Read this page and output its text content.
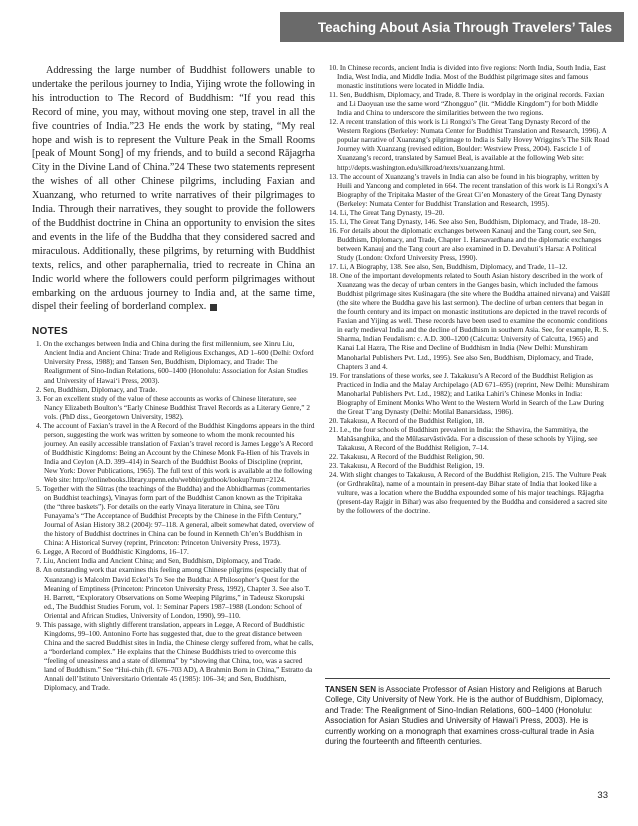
Teaching About Asia Through Travelers’ Tales

Addressing the large number of Buddhist followers unable to undertake the perilous journey to India, Yijing wrote the following in his introduction to The Record of Buddhism: “If you read this Record of mine, you may, without moving one step, travel in all the five countries of India.”23 He ends the work by stating, “My real hope and wish is to represent the Vulture Peak in the Small Rooms [peak of Mount Song] of my friends, and to build a second Rājagrha City in the Divine Land of China.”24 These two statements represent the wishes of all other Chinese pilgrims, including Faxian and Xuanzang, who returned to write narratives of their pilgrimages to India. Through their narratives, they sought to provide the followers of the Buddhist doctrine in China an opportunity to envision the sites and events in the life of the Buddha that they considered sacred and miraculous. Additionally, these pilgrims, by returning with Buddhist texts, relics, and other paraphernalia, tried to recreate in China an Indic world where the followers could perform pilgrimages without embarking on the arduous journey to India and, at the same time, dispel their feeling of borderland complex.

NOTES
1. On the exchanges between India and China during the first millennium, see Xinru Liu, Ancient India and Ancient China: Trade and Religious Exchanges, AD 1–600 (Delhi: Oxford University Press, 1988); and Tansen Sen, Buddhism, Diplomacy, and Trade: The Realignment of Sino-Indian Relations, 600–1400 (Honolulu: Association for Asian Studies and University of Hawai‘i Press, 2003).
2. Sen, Buddhism, Diplomacy, and Trade.
3. For an excellent study of the value of these accounts as works of Chinese literature, see Nancy Elizabeth Boulton’s “Early Chinese Buddhist Travel Records as a Literary Genre,” 2 vols. (PhD diss., Georgetown University, 1982).
4. The account of Faxian’s travel in the A Record of the Buddhist Kingdoms appears in the third person, suggesting the work was written by someone to whom the monk recounted his journey. An easily accessible translation of Faxian’s travel record is James Legge’s A Record of Buddhistic Kingdoms: Being an Account by the Chinese Monk Fa-Hien of his Travels in India and Ceylon (A.D. 399–414) in Search of the Buddhist Books of Discipline (reprint, New York: Dover Publications, 1965). The full text of this work is available at the following Web site: http://onlinebooks.library.upenn.edu/webbin/gutbook/lookup?num=2124.
5. Together with the Sūtras (the teachings of the Buddha) and the Abhidharmas (commentaries on Buddhist teachings), Vinayas form part of the Buddhist Canon known as the Tripitaka (the “three baskets”). For details on the early Vinaya literature in China, see Tōru Funayama’s “The Acceptance of Buddhist Precepts by the Chinese in the Fifth Century,” Journal of Asian History 38.2 (2004): 97–118. A general, albeit somewhat dated, overview of the history of Buddhist doctrines in China can be found in Kenneth Ch’en’s Buddhism in China: A Historical Survey (reprint, Princeton: Princeton University Press, 1973).
6. Legge, A Record of Buddhistic Kingdoms, 16–17.
7. Liu, Ancient India and Ancient China; and Sen, Buddhism, Diplomacy, and Trade.
8. An outstanding work that examines this feeling among Chinese pilgrims (especially that of Xuanzang) is Malcolm David Eckel’s To See the Buddha: A Philosopher’s Quest for the Meaning of Emptiness (Princeton: Princeton University Press, 1992), Chapter 3. See also T. H. Barrett, “Exploratory Observations on Some Weeping Pilgrims,” in Tadeusz Skorupski ed., The Buddhist Studies Forum, vol. 1: Seminar Papers 1987–1988 (London: School of Oriental and African Studies, University of London, 1990), 99–110.
9. This passage, with slightly different translation, appears in Legge, A Record of Buddhistic Kingdoms, 99–100. Antonino Forte has suggested that, due to the great distance between China and the sacred Buddhist sites in India, the Chinese clergy suffered from, what he calls, a “borderland complex.” He explains that the Chinese Buddhists tried to overcome this “feeling of uneasiness and a state of dilemma” by “showing that China, too, was a sacred land of Buddhism.” See “Hui-chih (fl. 676–703 AD), A Brahmin Born in China,” Estratto da Annali dell’Istituto Universitario Orientale 45 (1985): 106–34; and Sen, Buddhism, Diplomacy, and Trade.
10. In Chinese records, ancient India is divided into five regions: North India, South India, East India, West India, and Middle India. Most of the Buddhist pilgrimage sites and famous monastic institutions were located in Middle India.
11. Sen, Buddhism, Diplomacy, and Trade, 8. There is wordplay in the original records. Faxian and Li Daoyuan use the same word “Zhongguo” (lit. “Middle Kingdom”) for both Middle India and China to underscore the similarities between the two regions.
12. A recent translation of this work is Li Rongxi’s The Great Tang Dynasty Record of the Western Regions (Berkeley: Numata Center for Buddhist Translation and Research, 1996). A popular narrative of Xuanzang’s pilgrimage to India is Sally Hovey Wriggins’s The Silk Road Journey with Xuanzang (revised edition, Boulder: Westview Press, 2004). Fascicle 1 of Xuanzang’s record, translated by Samuel Beal, is available at the following Web site: http://depts.washington.edu/silkroad/texts/xuanzang.html.
13. The account of Xuanzang’s travels in India can also be found in his biography, written by Huili and Yancong and completed in 664. The recent translation of this work is Li Rongxi’s A Biography of the Tripitaka Master of the Great Ci’en Monastery of the Great Tang Dynasty (Berkeley: Numata Center for Buddhist Translation and Research, 1995).
14. Li, The Great Tang Dynasty, 19–20.
15. Li, The Great Tang Dynasty, 146. See also Sen, Buddhism, Diplomacy, and Trade, 18–20.
16. For details about the diplomatic exchanges between Kanauj and the Tang court, see Sen, Buddhism, Diplomacy, and Trade, Chapter 1. Harsavardhana and the diplomatic exchanges between Kanauj and the Tang court are also examined in D. Devahuti’s Harsa: A Political Study (London: Oxford University Press, 1990).
17. Li, A Biography, 138. See also, Sen, Buddhism, Diplomacy, and Trade, 11–12.
18. One of the important developments related to South Asian history described in the work of Xuanzang was the decay of urban centers in the Ganges basin, which included the famous Buddhist pilgrimage sites Kuśinagara (the site where the Buddha attained nirvana) and Vaiśālī (the site where the Buddha gave his last sermon). The decline of urban centers that began in the fourth century and its impact on monastic institutions are depicted in the travel records of Faxian and Yijing as well. These records have been used to examine the economic conditions in early medieval India and the decline of Buddhism in southern Asia. See, for example, R. S. Sharma, Indian Feudalism: c. A.D. 300–1200 (Calcutta: University of Calcutta, 1965) and Kanai Lal Hazra, The Rise and Decline of Buddhism in India (New Delhi: Munshiram Manoharlal Publishers Pvt. Ltd., 1995). See also Sen, Buddhism, Diplomacy, and Trade, Chapters 3 and 4.
19. For translations of these works, see J. Takakusu’s A Record of the Buddhist Religion as Practiced in India and the Malay Archipelago (AD 671–695) (reprint, New Delhi: Munshiram Manoharlal Publishers Pvt. Ltd., 1982); and Latika Lahiri’s Chinese Monks in India: Biography of Eminent Monks Who Went to the Western World in Search of the Law During the Great T’ang Dynasty (Delhi: Motilal Banarsidass, 1986).
20. Takakusu, A Record of the Buddhist Religion, 18.
21. I.e., the four schools of Buddhism prevalent in India: the Sthavira, the Sammitiya, the Mahāsanghika, and the Mūlasarvāstivāda. For a discussion of these schools by Yijing, see Takakusu, A Record of the Buddhist Religion, 7–14.
22. Takakusu, A Record of the Buddhist Religion, 90.
23. Takakusu, A Record of the Buddhist Religion, 19.
24. With slight changes to Takakusu, A Record of the Buddhist Religion, 215. The Vulture Peak (or Grdhrakūta), name of a mountain in present-day Bihar state of India that looked like a vulture, was a location where the Buddha expounded some of his major teachings. Rājagrha (present-day Rajgir in Bihar) was also frequented by the Buddha and considered a sacred site by the followers of the doctrine.
TANSEN SEN is Associate Professor of Asian History and Religions at Baruch College, City University of New York. He is the author of Buddhism, Diplomacy, and Trade: The Realignment of Sino-Indian Relations, 600–1400 (Honolulu: Association for Asian Studies and University of Hawai‘i Press, 2003). He is currently working on a monograph that examines cross-cultural trade in Asia during the fourteenth and fifteenth centuries.
33
